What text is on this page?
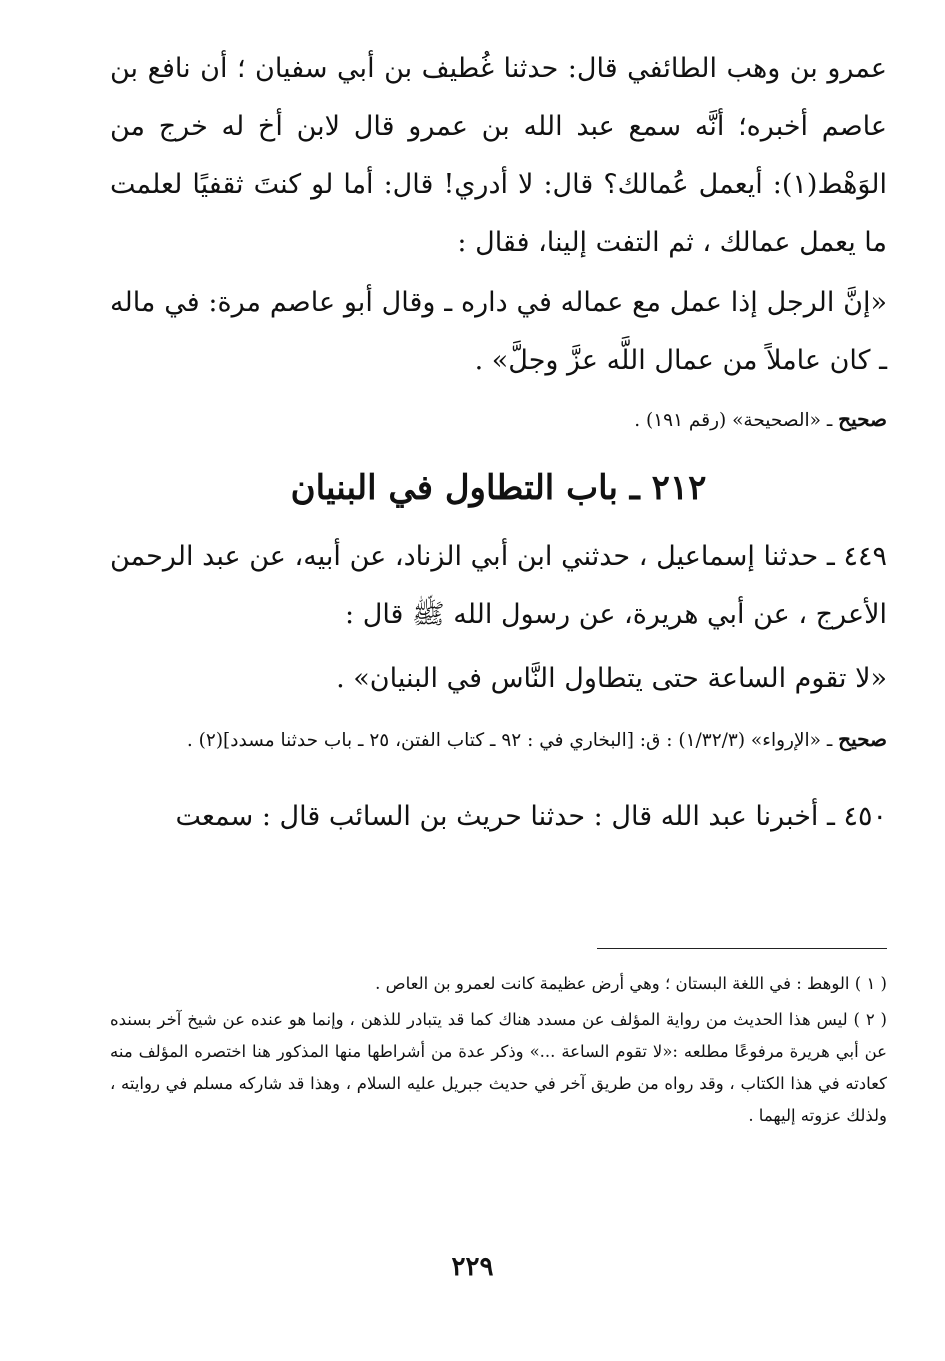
عمرو بن وهب الطائفي قال: حدثنا غُطيف بن أبي سفيان ؛ أن نافع بن عاصم أخبره؛ أنَّه سمع عبد الله بن عمرو قال لابن أخ له خرج من الوَهْط(١): أيعمل عُمالك؟ قال: لا أدري! قال: أما لو كنتَ ثقفيًا لعلمت ما يعمل عمالك ، ثم التفت إلينا، فقال :

«إنَّ الرجل إذا عمل مع عماله في داره ـ وقال أبو عاصم مرة: في ماله ـ كان عاملاً من عمال اللَّه عزَّ وجلَّ» .

صحيح ـ «الصحيحة» (رقم ١٩١) .

٢١٢ ـ باب التطاول في البنيان

٤٤٩ ـ حدثنا إسماعيل ، حدثني ابن أبي الزناد، عن أبيه، عن عبد الرحمن الأعرج ، عن أبي هريرة، عن رسول الله ﷺ قال :

«لا تقوم الساعة حتى يتطاول النَّاس في البنيان» .

صحيح ـ «الإرواء» (١/٣٢/٣) : ق: [البخاري في : ٩٢ ـ كتاب الفتن، ٢٥ ـ باب حدثنا مسدد](٢) .

٤٥٠ ـ أخبرنا عبد الله قال : حدثنا حريث بن السائب قال : سمعت

( ١ ) الوهط : في اللغة البستان ؛ وهي أرض عظيمة كانت لعمرو بن العاص .

( ٢ ) ليس هذا الحديث من رواية المؤلف عن مسدد هناك كما قد يتبادر للذهن ، وإنما هو عنده عن شيخ آخر بسنده عن أبي هريرة مرفوعًا مطلعه :«لا تقوم الساعة ...» وذكر عدة من أشراطها منها المذكور هنا اختصره المؤلف منه كعادته في هذا الكتاب ، وقد رواه من طريق آخر في حديث جبريل عليه السلام ، وهذا قد شاركه مسلم في روايته ، ولذلك عزوته إليهما .

٢٢٩
